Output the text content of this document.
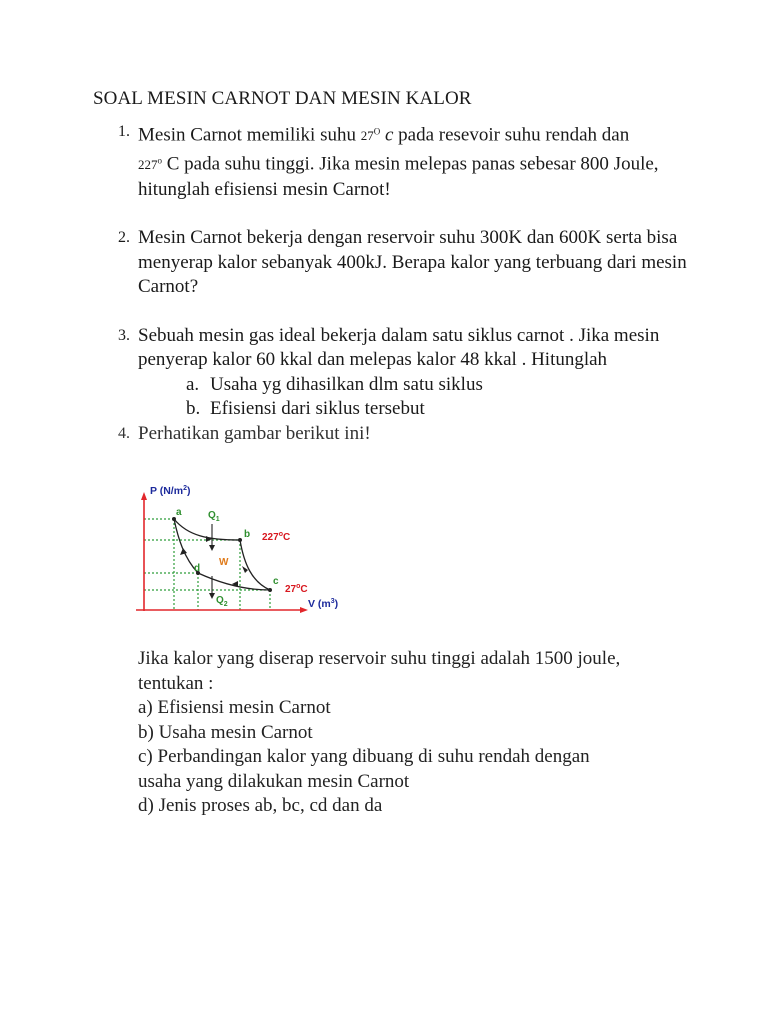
SOAL MESIN CARNOT DAN MESIN KALOR
1. Mesin Carnot memiliki suhu $27^O$ c pada resevoir suhu rendah dan
227$^o$ C pada suhu tinggi. Jika mesin melepas panas sebesar 800 Joule, hitunglah efisiensi mesin Carnot!
2. Mesin Carnot bekerja dengan reservoir suhu 300K dan 600K serta bisa menyerap kalor sebanyak 400kJ. Berapa kalor yang terbuang dari mesin Carnot?
3. Sebuah mesin gas ideal bekerja dalam satu siklus carnot . Jika mesin penyerap kalor 60 kkal dan melepas kalor 48 kkal . Hitunglah
a. Usaha yg dihasilkan dlm satu siklus
b. Efisiensi dari siklus tersebut
4. Perhatikan gambar berikut ini!
P $(N/m^2)$
V $(m^3)$
a
b
c
d
$Q_1$
$Q_2$
W
227$^o$C
27$^o$C
Jika kalor yang diserap reservoir suhu tinggi adalah 1500 joule,
tentukan :
a) Efisiensi mesin Carnot
b) Usaha mesin Carnot
c) Perbandingan kalor yang dibuang di suhu rendah dengan
usaha yang dilakukan mesin Carnot
d) Jenis proses ab, bc, cd dan da
